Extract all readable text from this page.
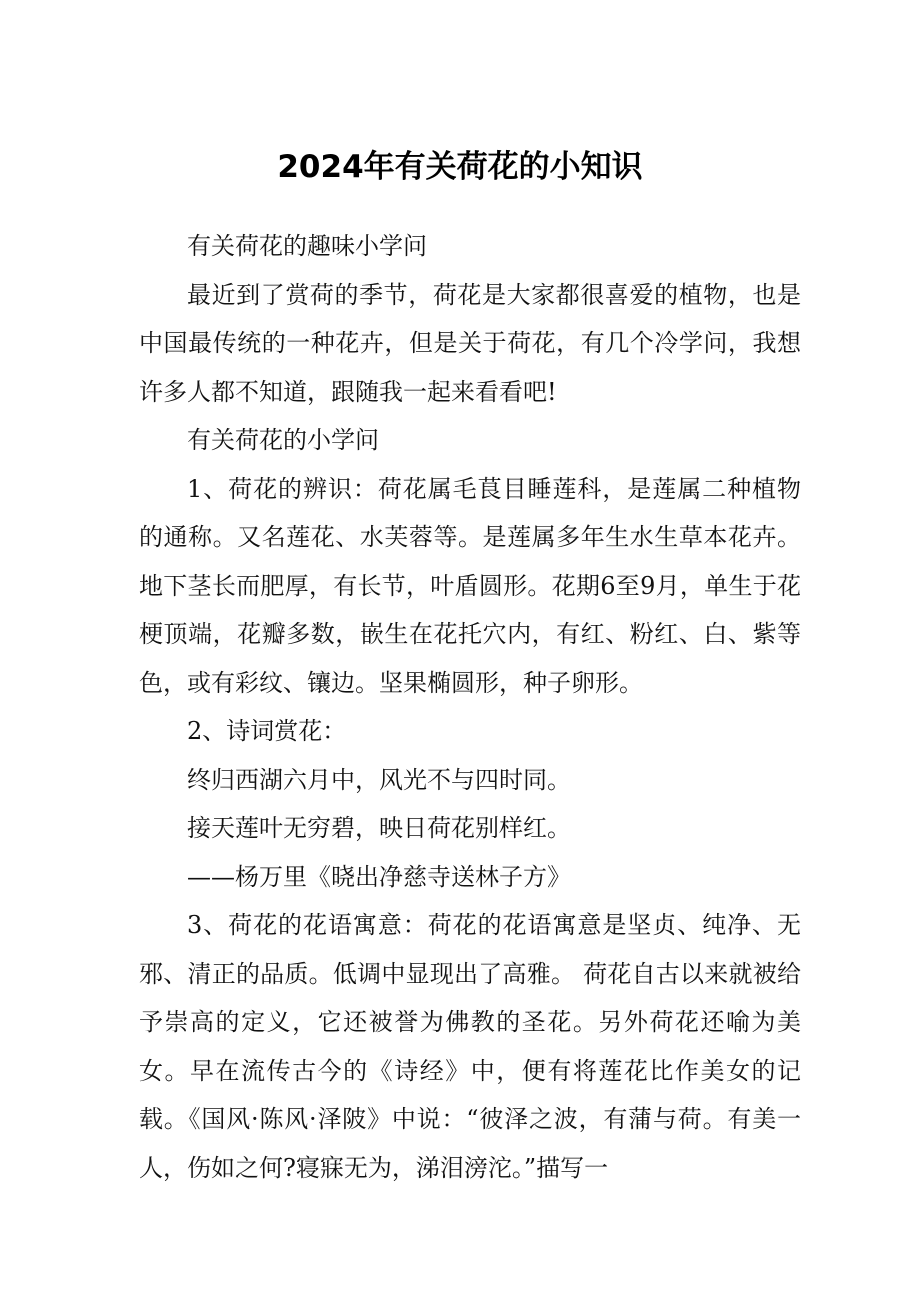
2024年有关荷花的小知识

有关荷花的趣味小学问

最近到了赏荷的季节，荷花是大家都很喜爱的植物，也是中国最传统的一种花卉，但是关于荷花，有几个冷学问，我想许多人都不知道，跟随我一起来看看吧!

有关荷花的小学问

1、荷花的辨识：荷花属毛茛目睡莲科，是莲属二种植物的通称。又名莲花、水芙蓉等。是莲属多年生水生草本花卉。地下茎长而肥厚，有长节，叶盾圆形。花期6至9月，单生于花梗顶端，花瓣多数，嵌生在花托穴内，有红、粉红、白、紫等色，或有彩纹、镶边。坚果椭圆形，种子卵形。

2、诗词赏花：

终归西湖六月中，风光不与四时同。

接天莲叶无穷碧，映日荷花别样红。

——杨万里《晓出净慈寺送林子方》

3、荷花的花语寓意：荷花的花语寓意是坚贞、纯净、无邪、清正的品质。低调中显现出了高雅。 荷花自古以来就被给予崇高的定义，它还被誉为佛教的圣花。另外荷花还喻为美女。早在流传古今的《诗经》中，便有将莲花比作美女的记载。《国风·陈风·泽陂》中说：“彼泽之波，有蒲与荷。有美一人，伤如之何?寝寐无为，涕泪滂沱。”描写一
